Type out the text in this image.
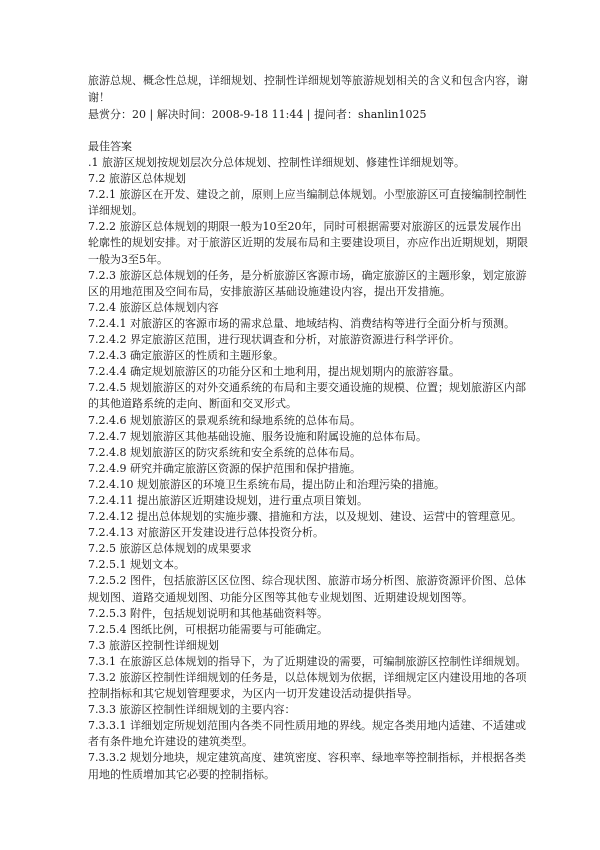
旅游总规、概念性总规，详细规划、控制性详细规划等旅游规划相关的含义和包含内容，谢谢！

悬赏分：20 | 解决时间：2008-9-18 11:44 | 提问者：shanlin1025

最佳答案

.1 旅游区规划按规划层次分总体规划、控制性详细规划、修建性详细规划等。

7.2 旅游区总体规划

7.2.1 旅游区在开发、建设之前，原则上应当编制总体规划。小型旅游区可直接编制控制性详细规划。

7.2.2 旅游区总体规划的期限一般为10至20年，同时可根据需要对旅游区的远景发展作出轮廓性的规划安排。对于旅游区近期的发展布局和主要建设项目，亦应作出近期规划，期限一般为3至5年。

7.2.3 旅游区总体规划的任务，是分析旅游区客源市场，确定旅游区的主题形象，划定旅游区的用地范围及空间布局，安排旅游区基础设施建设内容，提出开发措施。

7.2.4 旅游区总体规划内容

7.2.4.1 对旅游区的客源市场的需求总量、地域结构、消费结构等进行全面分析与预测。

7.2.4.2 界定旅游区范围，进行现状调查和分析，对旅游资源进行科学评价。

7.2.4.3 确定旅游区的性质和主题形象。

7.2.4.4 确定规划旅游区的功能分区和土地利用，提出规划期内的旅游容量。

7.2.4.5 规划旅游区的对外交通系统的布局和主要交通设施的规模、位置；规划旅游区内部的其他道路系统的走向、断面和交叉形式。

7.2.4.6 规划旅游区的景观系统和绿地系统的总体布局。

7.2.4.7 规划旅游区其他基础设施、服务设施和附属设施的总体布局。

7.2.4.8 规划旅游区的防灾系统和安全系统的总体布局。

7.2.4.9 研究并确定旅游区资源的保护范围和保护措施。

7.2.4.10 规划旅游区的环境卫生系统布局，提出防止和治理污染的措施。

7.2.4.11 提出旅游区近期建设规划，进行重点项目策划。

7.2.4.12 提出总体规划的实施步骤、措施和方法，以及规划、建设、运营中的管理意见。

7.2.4.13 对旅游区开发建设进行总体投资分析。

7.2.5 旅游区总体规划的成果要求

7.2.5.1 规划文本。

7.2.5.2 图件，包括旅游区区位图、综合现状图、旅游市场分析图、旅游资源评价图、总体规划图、道路交通规划图、功能分区图等其他专业规划图、近期建设规划图等。

7.2.5.3 附件，包括规划说明和其他基础资料等。

7.2.5.4 图纸比例，可根据功能需要与可能确定。

7.3 旅游区控制性详细规划

7.3.1 在旅游区总体规划的指导下，为了近期建设的需要，可编制旅游区控制性详细规划。

7.3.2 旅游区控制性详细规划的任务是，以总体规划为依据，详细规定区内建设用地的各项控制指标和其它规划管理要求，为区内一切开发建设活动提供指导。

7.3.3 旅游区控制性详细规划的主要内容：

7.3.3.1 详细划定所规划范围内各类不同性质用地的界线。规定各类用地内适建、不适建或者有条件地允许建设的建筑类型。

7.3.3.2 规划分地块，规定建筑高度、建筑密度、容积率、绿地率等控制指标，并根据各类用地的性质增加其它必要的控制指标。
